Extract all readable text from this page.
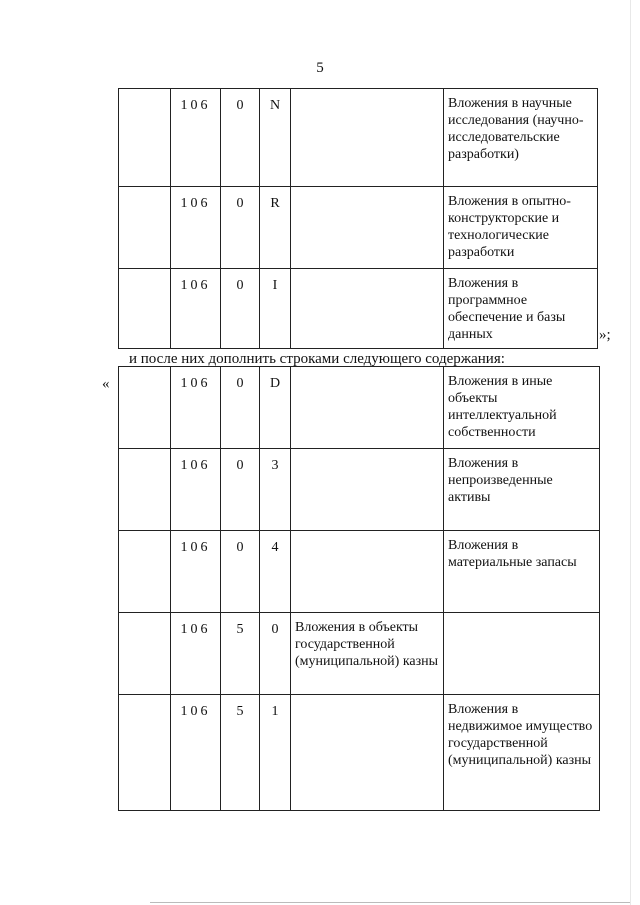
5
	106	0	N		Вложения в научные исследования (научно-исследовательские разработки)
	106	0	R		Вложения в опытно-конструкторские и технологические разработки
	106	0	I		Вложения в программное обеспечение и базы данных	»;
и после них дополнить строками следующего содержания:
«
		106	0	D		Вложения в иные объекты интеллектуальной собственности
	106	0	3		Вложения в непроизведенные активы
	106	0	4		Вложения в материальные запасы
	106	5	0	Вложения в объекты государственной (муниципальной) казны	
	106	5	1		Вложения в недвижимое имущество государственной (муниципальной) казны
